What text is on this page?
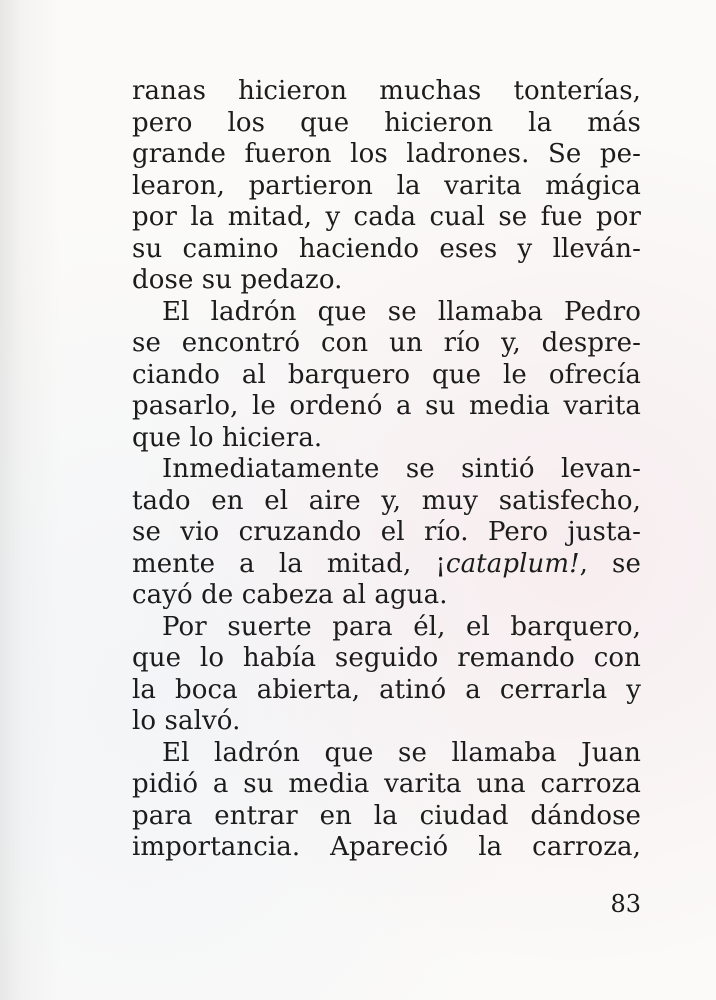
ranas hicieron muchas tonterías,
pero los que hicieron la más
grande fueron los ladrones. Se pe-
learon, partieron la varita mágica
por la mitad, y cada cual se fue por
su camino haciendo eses y lleván-
dose su pedazo.
El ladrón que se llamaba Pedro
se encontró con un río y, despre-
ciando al barquero que le ofrecía
pasarlo, le ordenó a su media varita
que lo hiciera.
Inmediatamente se sintió levan-
tado en el aire y, muy satisfecho,
se vio cruzando el río. Pero justa-
mente a la mitad, ¡cataplum!, se
cayó de cabeza al agua.
Por suerte para él, el barquero,
que lo había seguido remando con
la boca abierta, atinó a cerrarla y
lo salvó.
El ladrón que se llamaba Juan
pidió a su media varita una carroza
para entrar en la ciudad dándose
importancia. Apareció la carroza,
83
